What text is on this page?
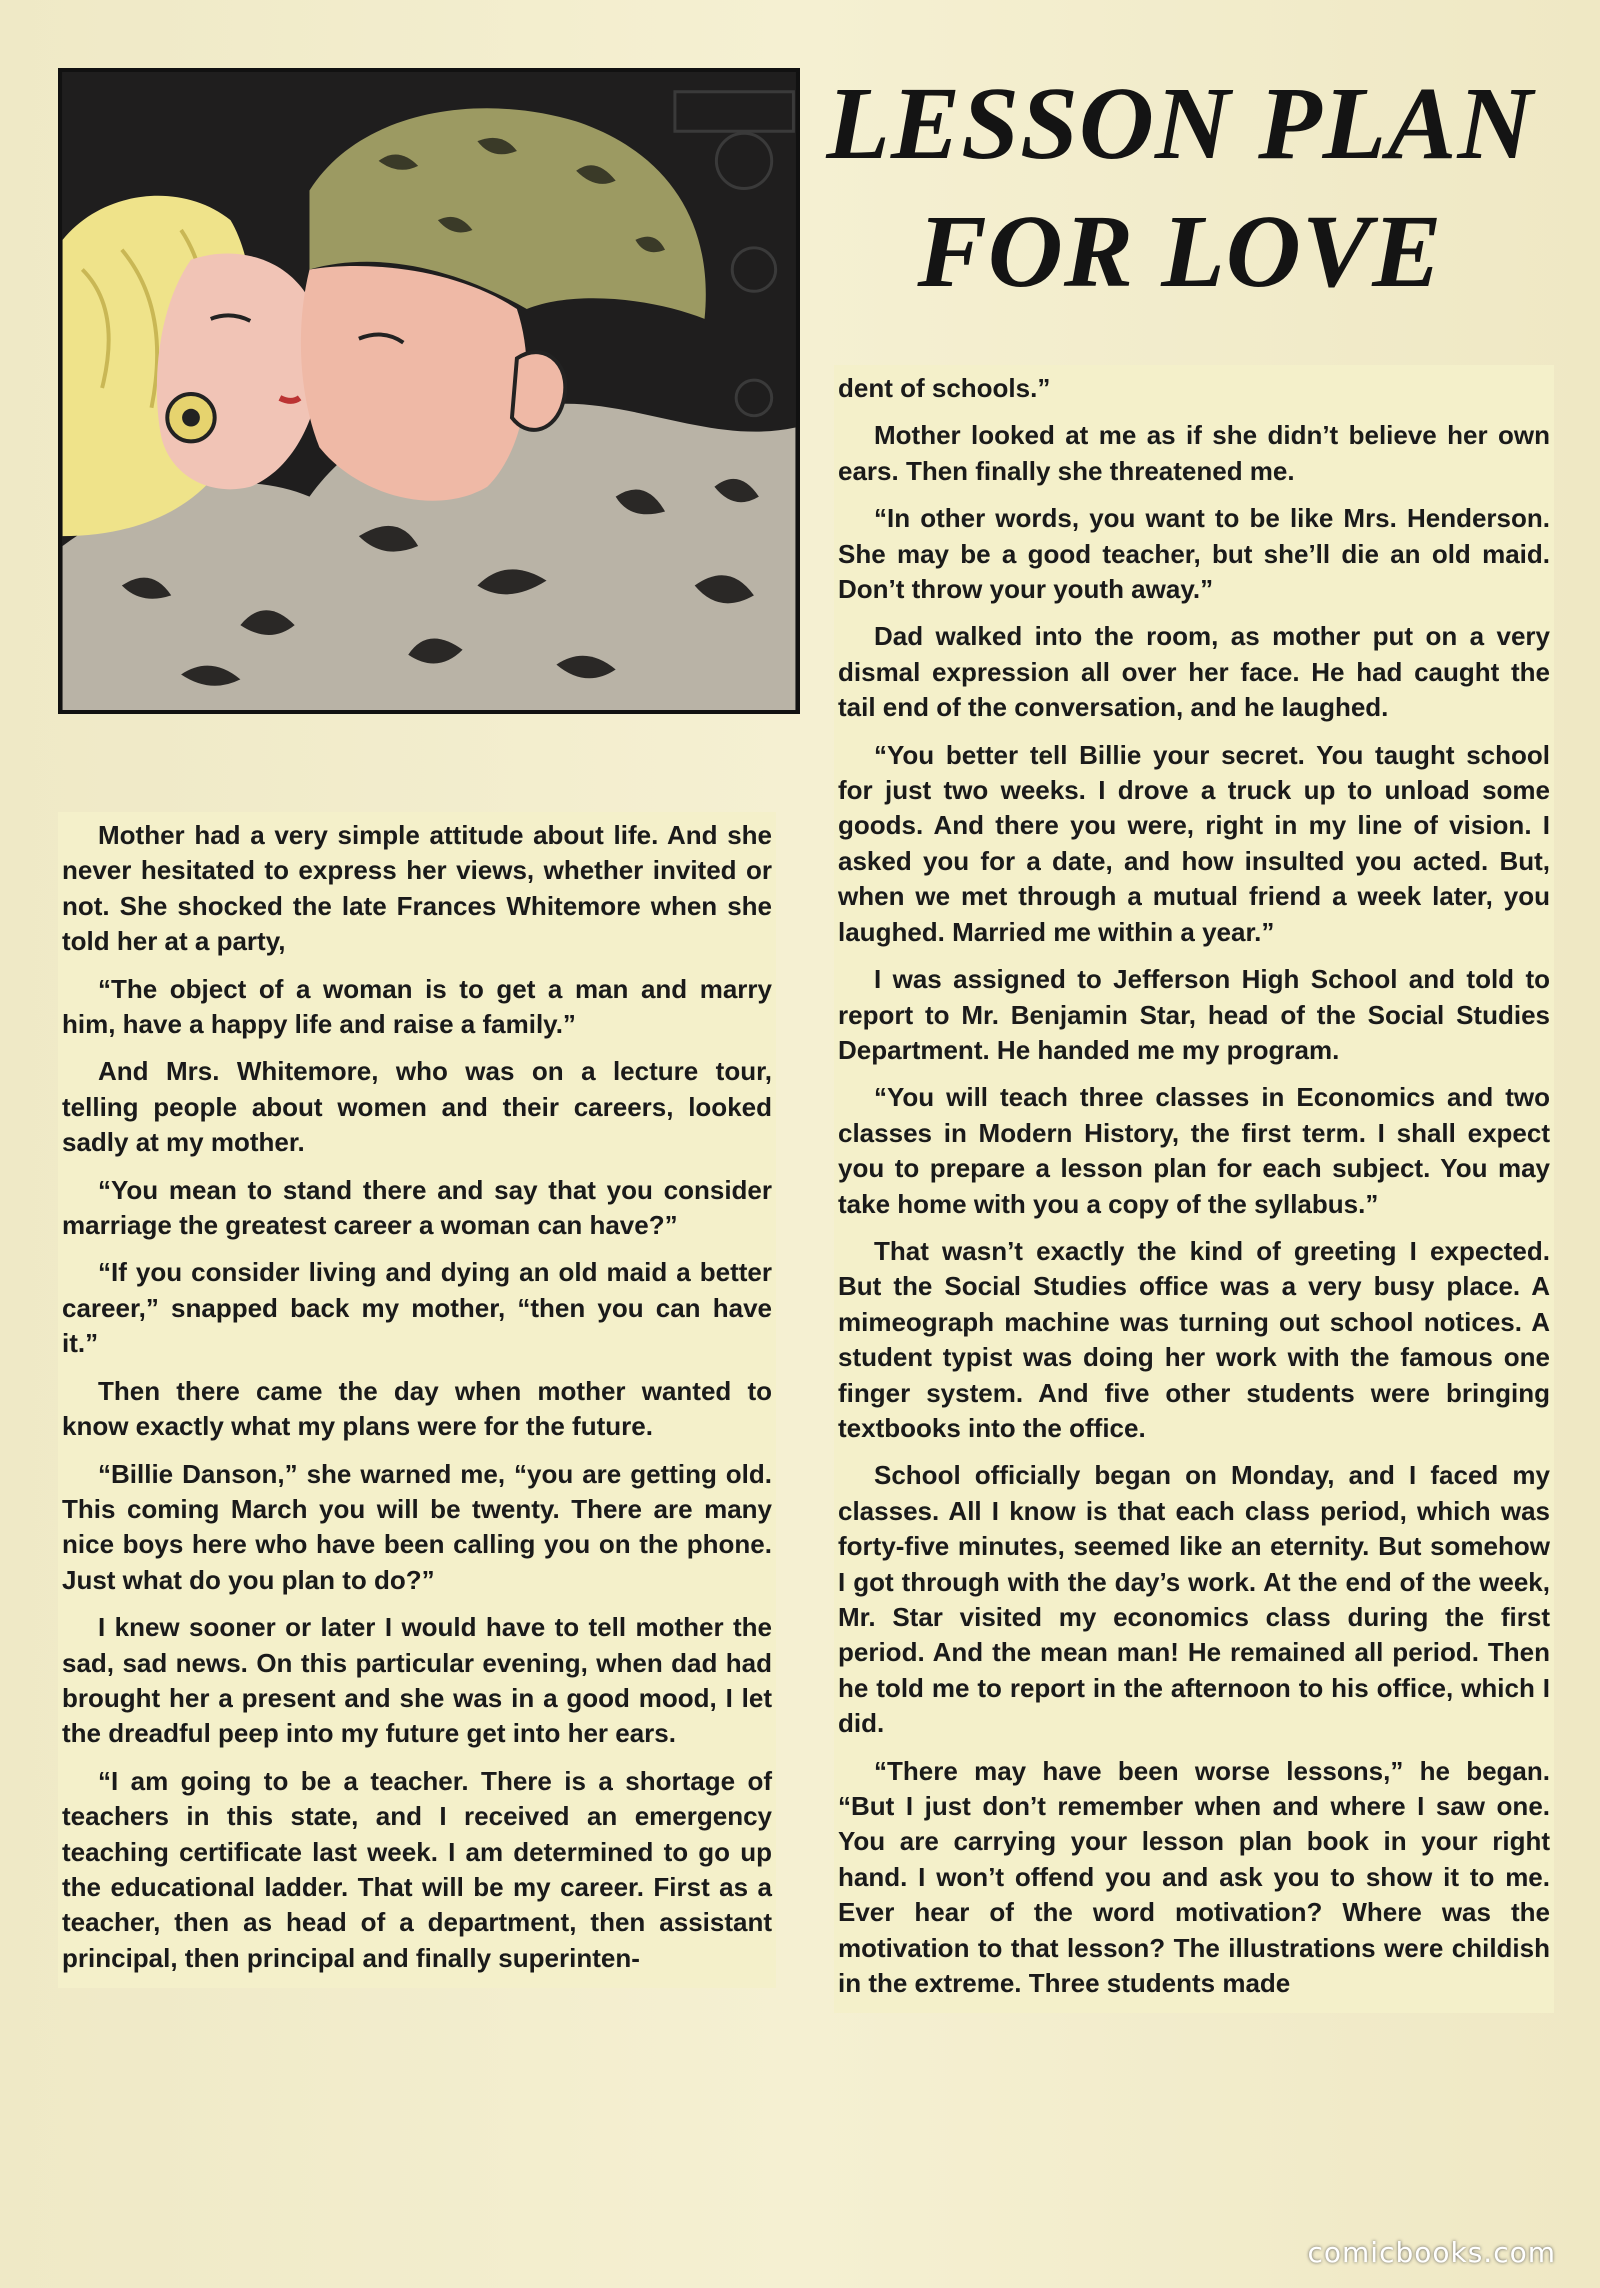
LESSON PLAN
FOR LOVE

Mother had a very simple attitude about life. And she never hesitated to express her views, whether invited or not. She shocked the late Frances Whitemore when she told her at a party,

“The object of a woman is to get a man and marry him, have a happy life and raise a family.”

And Mrs. Whitemore, who was on a lecture tour, telling people about women and their careers, looked sadly at my mother.

“You mean to stand there and say that you consider marriage the greatest career a woman can have?”

“If you consider living and dying an old maid a better career,” snapped back my mother, “then you can have it.”

Then there came the day when mother wanted to know exactly what my plans were for the future.

“Billie Danson,” she warned me, “you are getting old. This coming March you will be twenty. There are many nice boys here who have been calling you on the phone. Just what do you plan to do?”

I knew sooner or later I would have to tell mother the sad, sad news. On this particular evening, when dad had brought her a present and she was in a good mood, I let the dreadful peep into my future get into her ears.

“I am going to be a teacher. There is a shortage of teachers in this state, and I received an emergency teaching certificate last week. I am determined to go up the educational ladder. That will be my career. First as a teacher, then as head of a department, then assistant principal, then principal and finally superinten-

dent of schools.”

Mother looked at me as if she didn’t believe her own ears. Then finally she threatened me.

“In other words, you want to be like Mrs. Henderson. She may be a good teacher, but she’ll die an old maid. Don’t throw your youth away.”

Dad walked into the room, as mother put on a very dismal expression all over her face. He had caught the tail end of the conversation, and he laughed.

“You better tell Billie your secret. You taught school for just two weeks. I drove a truck up to unload some goods. And there you were, right in my line of vision. I asked you for a date, and how insulted you acted. But, when we met through a mutual friend a week later, you laughed. Married me within a year.”

I was assigned to Jefferson High School and told to report to Mr. Benjamin Star, head of the Social Studies Department. He handed me my program.

“You will teach three classes in Economics and two classes in Modern History, the first term. I shall expect you to prepare a lesson plan for each subject. You may take home with you a copy of the syllabus.”

That wasn’t exactly the kind of greeting I expected. But the Social Studies office was a very busy place. A mimeograph machine was turning out school notices. A student typist was doing her work with the famous one finger system. And five other students were bringing textbooks into the office.

School officially began on Monday, and I faced my classes. All I know is that each class period, which was forty-five minutes, seemed like an eternity. But somehow I got through with the day’s work. At the end of the week, Mr. Star visited my economics class during the first period. And the mean man! He remained all period. Then he told me to report in the afternoon to his office, which I did.

“There may have been worse lessons,” he began. “But I just don’t remember when and where I saw one. You are carrying your lesson plan book in your right hand. I won’t offend you and ask you to show it to me. Ever hear of the word motivation? Where was the motivation to that lesson? The illustrations were childish in the extreme. Three students made

comicbooks.com
